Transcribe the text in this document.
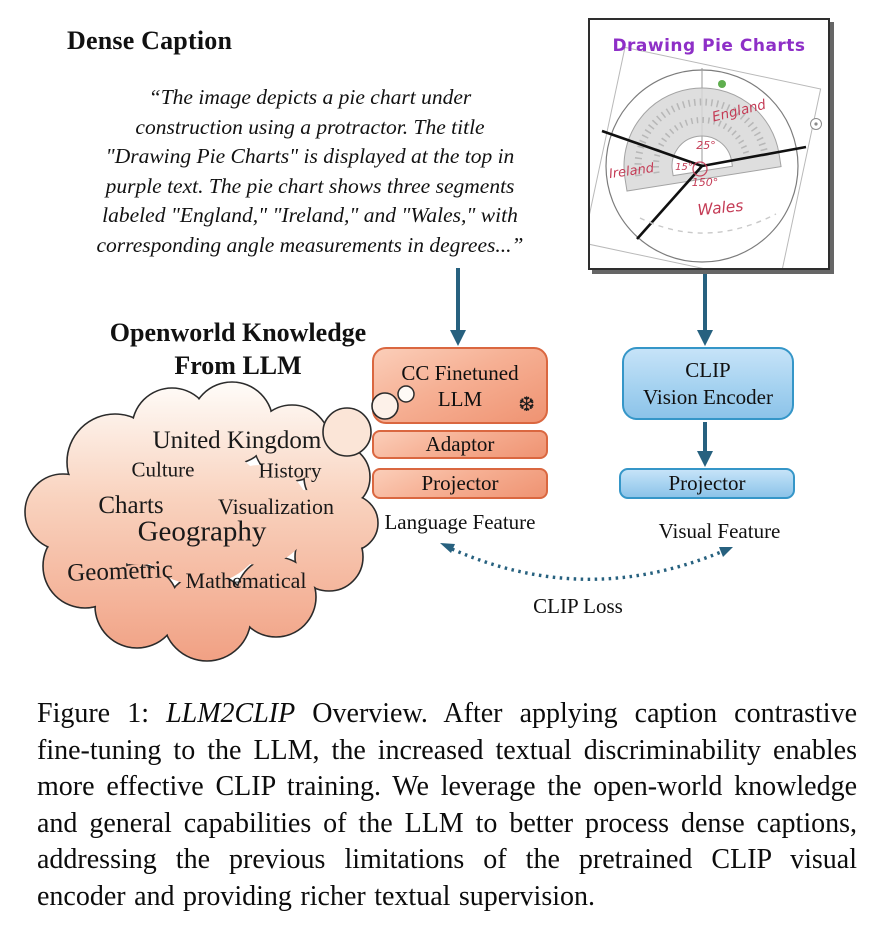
Dense Caption
“The image depicts a pie chart under
construction using a protractor. The title
"Drawing Pie Charts" is displayed at the top in
purple text. The pie chart shows three segments
labeled "England," "Ireland," and "Wales," with
corresponding angle measurements in degrees...”
Drawing Pie Charts
England
Ireland
Wales
25°
15°
150°
Openworld Knowledge
From LLM
United Kingdom
Culture	History
Charts Visualization
Geography
Geometric Mathematical
CC Finetuned
LLM ❆
Adaptor
Projector
Language Feature
CLIP
Vision Encoder
Projector
Visual Feature
CLIP Loss

Figure 1: LLM2CLIP Overview. After applying caption contrastive fine-tuning to the LLM, the increased textual discriminability enables more effective CLIP training. We leverage the open-world knowledge and general capabilities of the LLM to better process dense captions, addressing the previous limitations of the pretrained CLIP visual encoder and providing richer textual supervision.
